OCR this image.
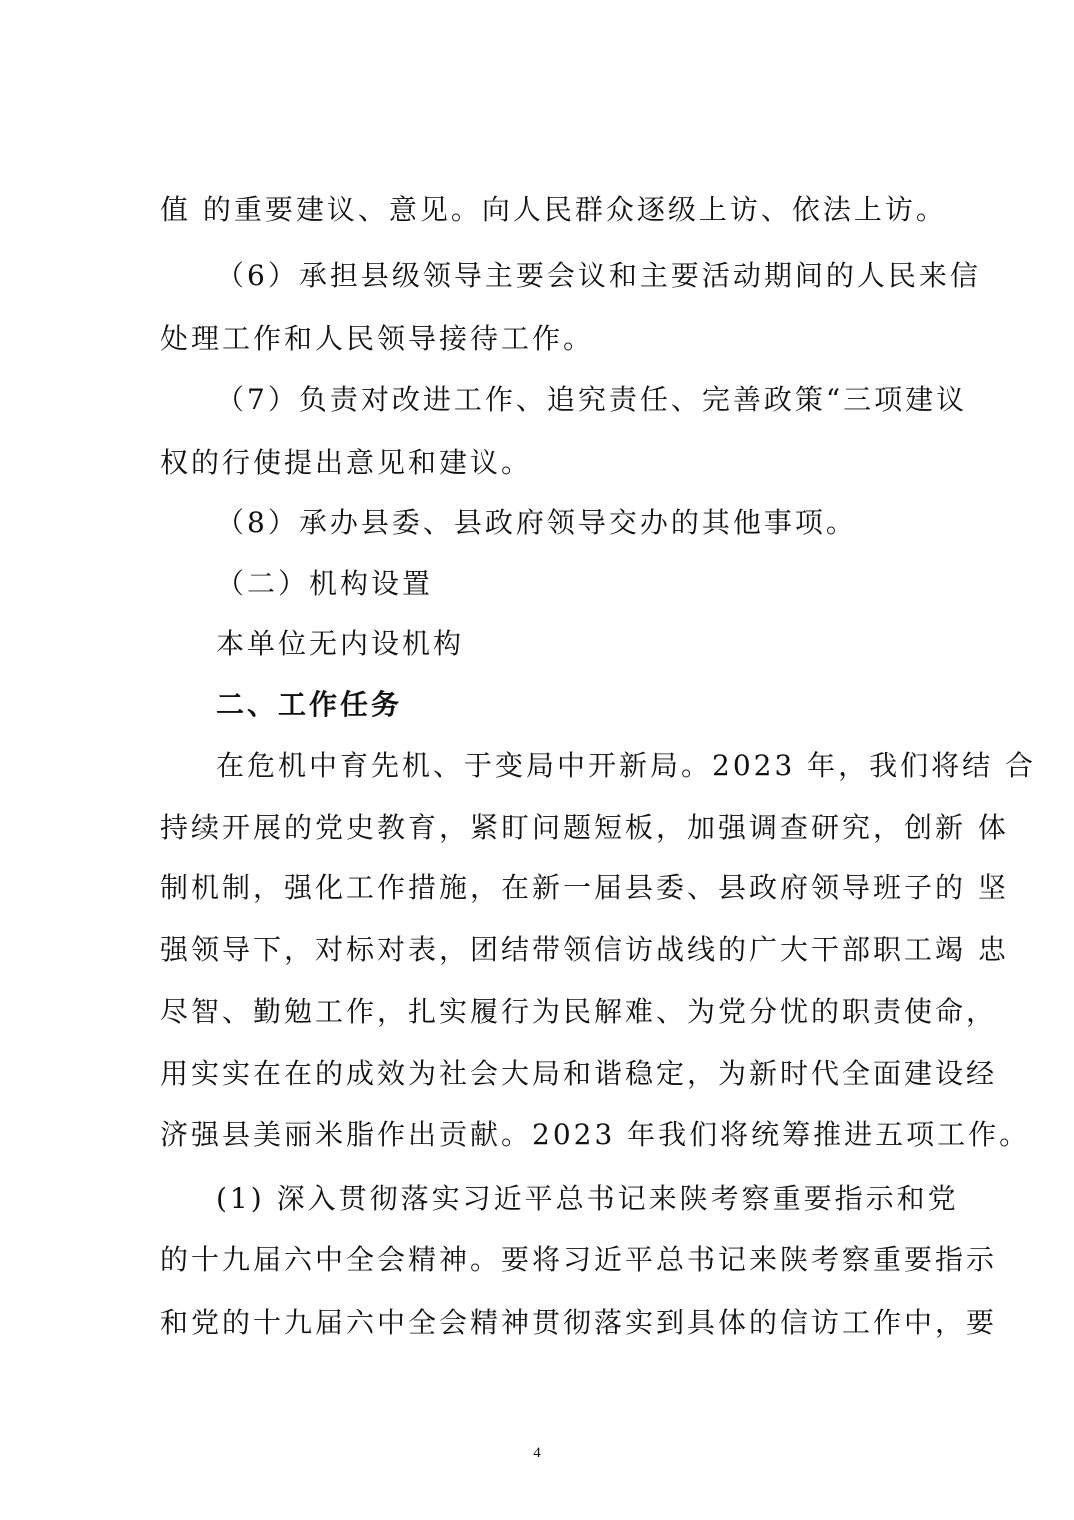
值 的重要建议、意见。向人民群众逐级上访、依法上访。
（6）承担县级领导主要会议和主要活动期间的人民来信
处理工作和人民领导接待工作。
（7）负责对改进工作、追究责任、完善政策“三项建议
权的行使提出意见和建议。
（8）承办县委、县政府领导交办的其他事项。
（二）机构设置
本单位无内设机构
二、工作任务
在危机中育先机、于变局中开新局。2023 年，我们将结 合
持续开展的党史教育，紧盯问题短板，加强调查研究，创新 体
制机制，强化工作措施，在新一届县委、县政府领导班子的 坚
强领导下，对标对表，团结带领信访战线的广大干部职工竭 忠
尽智、勤勉工作，扎实履行为民解难、为党分忧的职责使命，
用实实在在的成效为社会大局和谐稳定，为新时代全面建设经
济强县美丽米脂作出贡献。2023 年我们将统筹推进五项工作。
(1) 深入贯彻落实习近平总书记来陕考察重要指示和党
的十九届六中全会精神。要将习近平总书记来陕考察重要指示
和党的十九届六中全会精神贯彻落实到具体的信访工作中，要
4
